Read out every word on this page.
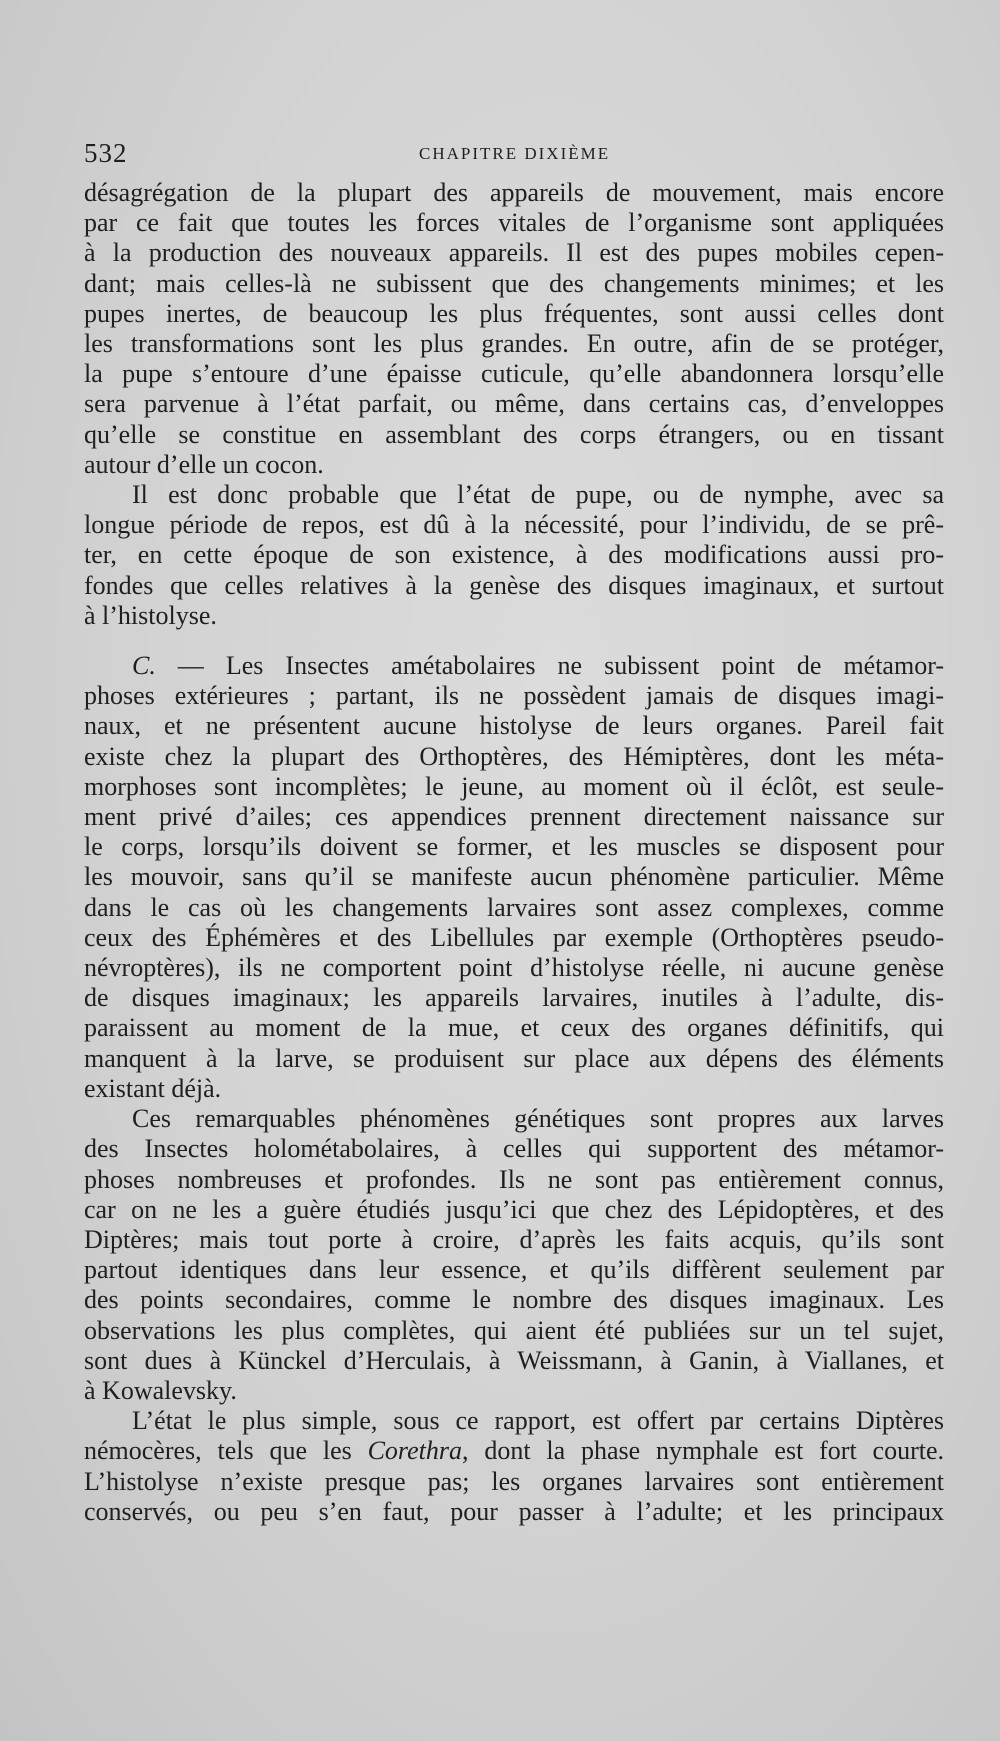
532	CHAPITRE DIXIÈME
désagrégation de la plupart des appareils de mouvement, mais encore
par ce fait que toutes les forces vitales de l’organisme sont appliquées
à la production des nouveaux appareils. Il est des pupes mobiles cepen-
dant; mais celles-là ne subissent que des changements minimes; et les
pupes inertes, de beaucoup les plus fréquentes, sont aussi celles dont
les transformations sont les plus grandes. En outre, afin de se protéger,
la pupe s’entoure d’une épaisse cuticule, qu’elle abandonnera lorsqu’elle
sera parvenue à l’état parfait, ou même, dans certains cas, d’enveloppes
qu’elle se constitue en assemblant des corps étrangers, ou en tissant
autour d’elle un cocon.
Il est donc probable que l’état de pupe, ou de nymphe, avec sa
longue période de repos, est dû à la nécessité, pour l’individu, de se prê-
ter, en cette époque de son existence, à des modifications aussi pro-
fondes que celles relatives à la genèse des disques imaginaux, et surtout
à l’histolyse.
C. — Les Insectes amétabolaires ne subissent point de métamor-
phoses extérieures ; partant, ils ne possèdent jamais de disques imagi-
naux, et ne présentent aucune histolyse de leurs organes. Pareil fait
existe chez la plupart des Orthoptères, des Hémiptères, dont les méta-
morphoses sont incomplètes; le jeune, au moment où il éclôt, est seule-
ment privé d’ailes; ces appendices prennent directement naissance sur
le corps, lorsqu’ils doivent se former, et les muscles se disposent pour
les mouvoir, sans qu’il se manifeste aucun phénomène particulier. Même
dans le cas où les changements larvaires sont assez complexes, comme
ceux des Éphémères et des Libellules par exemple (Orthoptères pseudo-
névroptères), ils ne comportent point d’histolyse réelle, ni aucune genèse
de disques imaginaux; les appareils larvaires, inutiles à l’adulte, dis-
paraissent au moment de la mue, et ceux des organes définitifs, qui
manquent à la larve, se produisent sur place aux dépens des éléments
existant déjà.
Ces remarquables phénomènes génétiques sont propres aux larves
des Insectes holométabolaires, à celles qui supportent des métamor-
phoses nombreuses et profondes. Ils ne sont pas entièrement connus,
car on ne les a guère étudiés jusqu’ici que chez des Lépidoptères, et des
Diptères; mais tout porte à croire, d’après les faits acquis, qu’ils sont
partout identiques dans leur essence, et qu’ils diffèrent seulement par
des points secondaires, comme le nombre des disques imaginaux. Les
observations les plus complètes, qui aient été publiées sur un tel sujet,
sont dues à Künckel d’Herculais, à Weissmann, à Ganin, à Viallanes, et
à Kowalevsky.
L’état le plus simple, sous ce rapport, est offert par certains Diptères
némocères, tels que les Corethra, dont la phase nymphale est fort courte.
L’histolyse n’existe presque pas; les organes larvaires sont entièrement
conservés, ou peu s’en faut, pour passer à l’adulte; et les principaux
